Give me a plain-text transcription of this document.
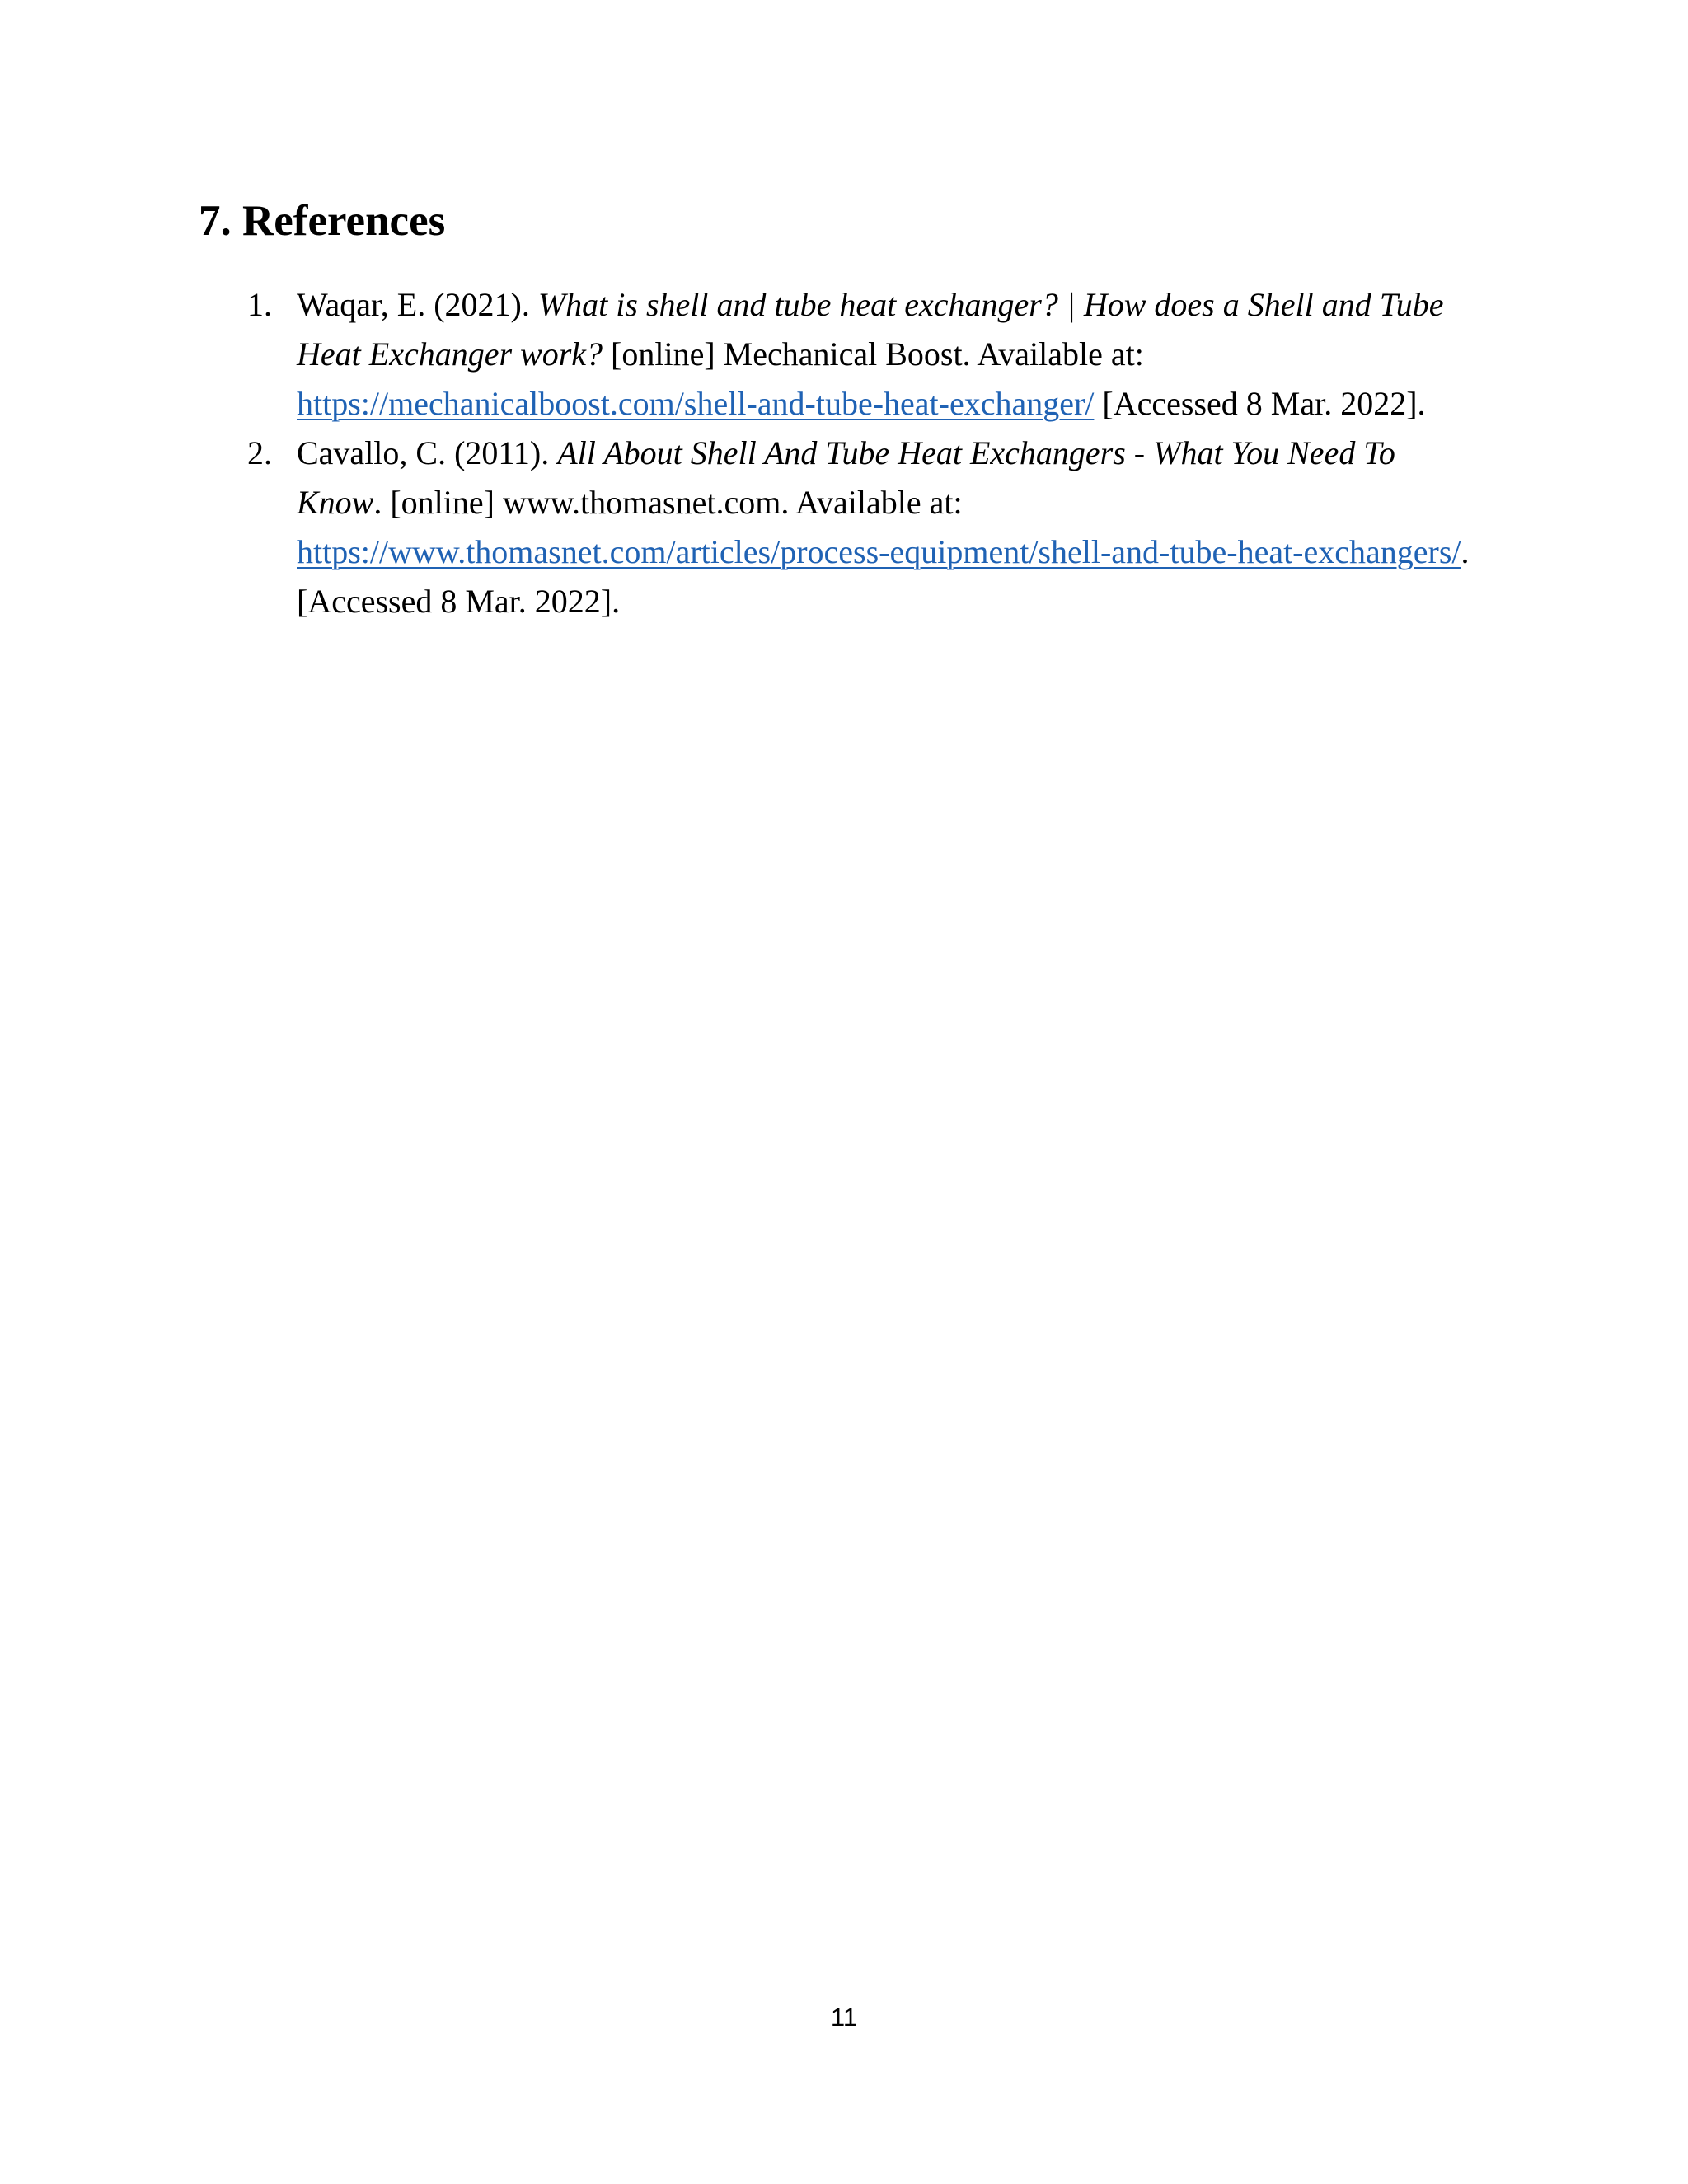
7. References
1. Waqar, E. (2021). What is shell and tube heat exchanger? | How does a Shell and Tube
Heat Exchanger work? [online] Mechanical Boost. Available at:
https://mechanicalboost.com/shell-and-tube-heat-exchanger/ [Accessed 8 Mar. 2022].
2. Cavallo, C. (2011). All About Shell And Tube Heat Exchangers - What You Need To
Know. [online] www.thomasnet.com. Available at:
https://www.thomasnet.com/articles/process-equipment/shell-and-tube-heat-exchangers/.
[Accessed 8 Mar. 2022].
11
